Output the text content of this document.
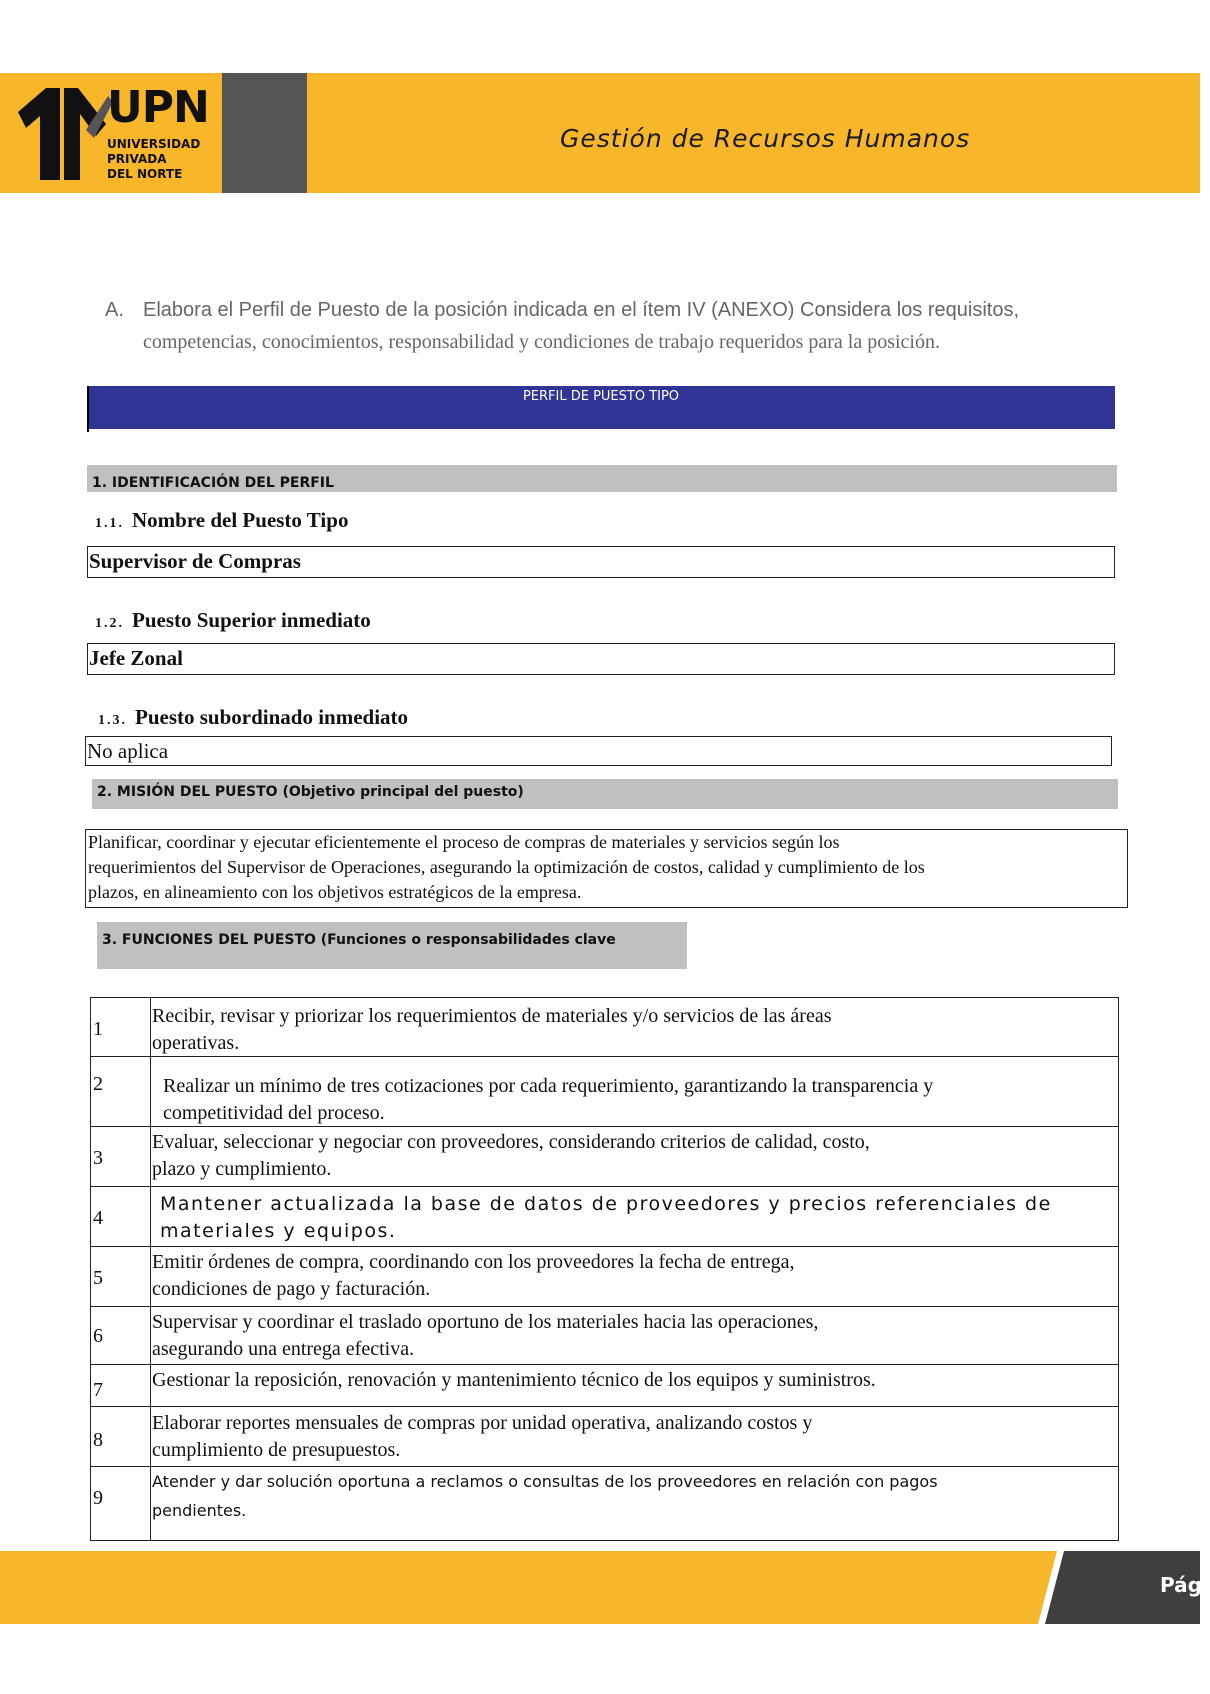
UPN
UNIVERSIDAD
PRIVADA
DEL NORTE
Gestión de Recursos Humanos
A. Elabora el Perfil de Puesto de la posición indicada en el ítem IV (ANEXO) Considera los requisitos,
competencias, conocimientos, responsabilidad y condiciones de trabajo requeridos para la posición.
PERFIL DE PUESTO TIPO
1. IDENTIFICACIÓN DEL PERFIL
1.1. Nombre del Puesto Tipo
Supervisor de Compras
1.2. Puesto Superior inmediato
Jefe Zonal
1.3. Puesto subordinado inmediato
No aplica
2. MISIÓN DEL PUESTO (Objetivo principal del puesto)
Planificar, coordinar y ejecutar eficientemente el proceso de compras de materiales y servicios según los
requerimientos del Supervisor de Operaciones, asegurando la optimización de costos, calidad y cumplimiento de los
plazos, en alineamiento con los objetivos estratégicos de la empresa.
3. FUNCIONES DEL PUESTO (Funciones o responsabilidades clave
1
Recibir, revisar y priorizar los requerimientos de materiales y/o servicios de las áreas
operativas.
2	Realizar un mínimo de tres cotizaciones por cada requerimiento, garantizando la transparencia y
competitividad del proceso.
3
Evaluar, seleccionar y negociar con proveedores, considerando criterios de calidad, costo,
plazo y cumplimiento.
4
Mantener actualizada la base de datos de proveedores y precios referenciales de
materiales y equipos.
5
Emitir órdenes de compra, coordinando con los proveedores la fecha de entrega,
condiciones de pago y facturación.
6
Supervisar y coordinar el traslado oportuno de los materiales hacia las operaciones,
asegurando una entrega efectiva.
7 Gestionar la reposición, renovación y mantenimiento técnico de los equipos y suministros.
8
Elaborar reportes mensuales de compras por unidad operativa, analizando costos y
cumplimiento de presupuestos.
9
Atender y dar solución oportuna a reclamos o consultas de los proveedores en relación con pagos
pendientes.
Pág.
